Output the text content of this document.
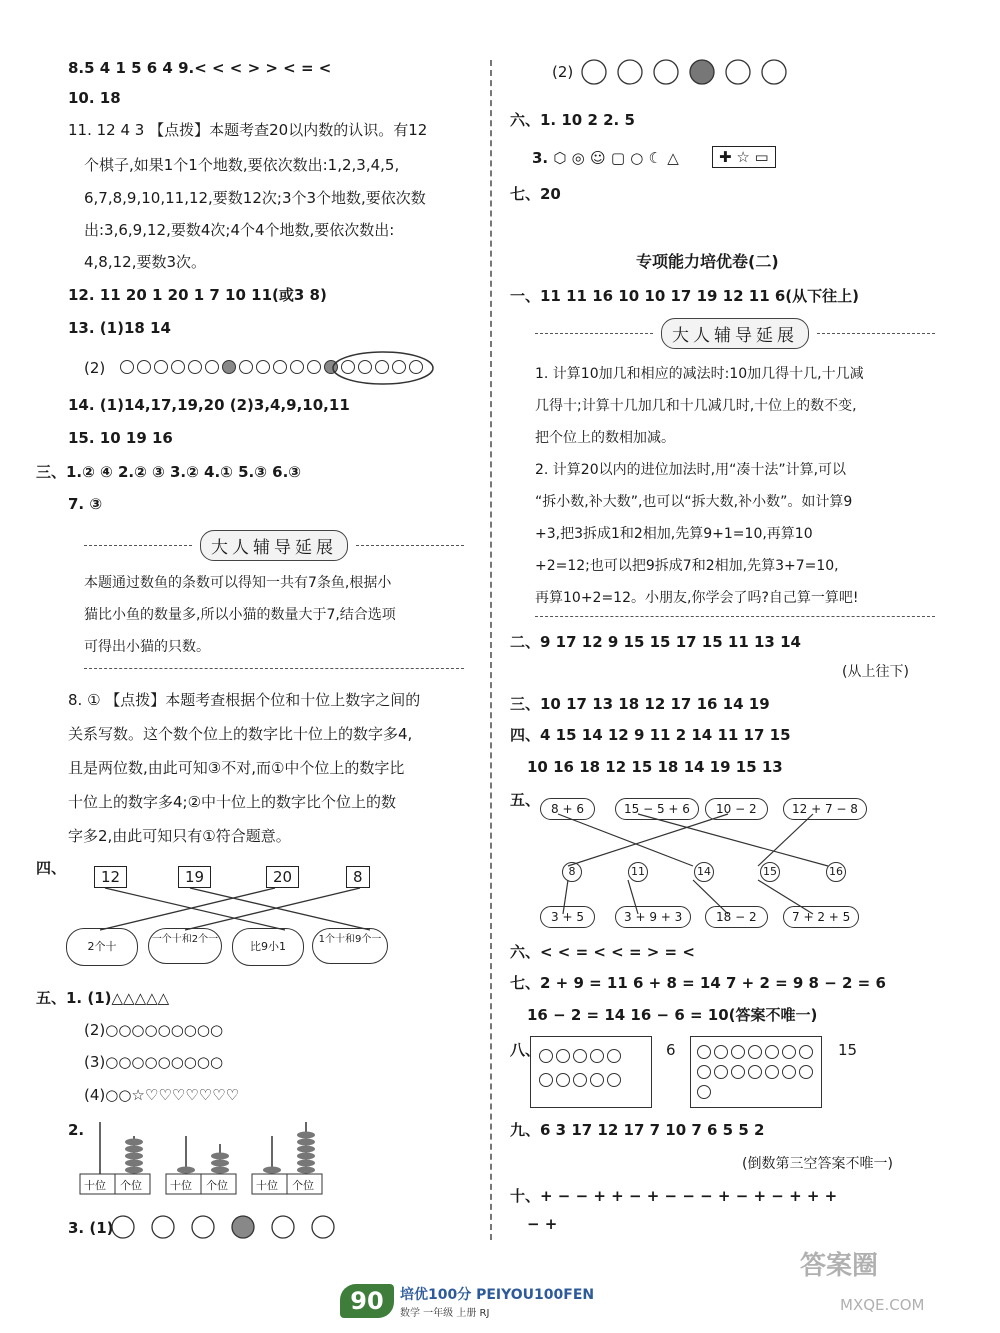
8.5 4 1 5 6 4 9.< < < > > < = <
10. 18
11. 12 4 3 【点拨】本题考查20以内数的认识。有12
个棋子,如果1个1个地数,要依次数出:1,2,3,4,5,
6,7,8,9,10,11,12,要数12次;3个3个地数,要依次数
出:3,6,9,12,要数4次;4个4个地数,要依次数出:
4,8,12,要数3次。
12. 11 20 1 20 1 7 10 11(或3 8)
13. (1)18 14
(2)
14. (1)14,17,19,20 (2)3,4,9,10,11
15. 10 19 16
三、1.② ④ 2.② ③ 3.② 4.① 5.③ 6.③
7. ③
大人辅导延展
本题通过数鱼的条数可以得知一共有7条鱼,根据小
猫比小鱼的数量多,所以小猫的数量大于7,结合选项
可得出小猫的只数。
8. ① 【点拨】本题考查根据个位和十位上数字之间的
关系写数。这个数个位上的数字比十位上的数字多4,
且是两位数,由此可知③不对,而①中个位上的数字比
十位上的数字多4;②中十位上的数字比个位上的数
字多2,由此可知只有①符合题意。
四、	12	19	20	8
2个十
一个十和2个一
比9小1
1个十和9个一
五、1. (1)△△△△△
(2)○○○○○○○○○
(3)○○○○○○○○○
(4)○○☆♡♡♡♡♡♡♡
2.
十位 个位	十位 个位	十位 个位
3. (1)
(2)
六、1. 10 2 2. 5
3. ⬡ ◎ ☺ ▢ ○ ☾ △	✚ ☆ ▭
七、20
专项能力培优卷(二)
一、11 11 16 10 10 17 19 12 11 6(从下往上)
大人辅导延展
1. 计算10加几和相应的减法时:10加几得十几,十几减
几得十;计算十几加几和十几减几时,十位上的数不变,
把个位上的数相加减。
2. 计算20以内的进位加法时,用“凑十法”计算,可以
“拆小数,补大数”,也可以“拆大数,补小数”。如计算9
+3,把3拆成1和2相加,先算9+1=10,再算10
+2=12;也可以把9拆成7和2相加,先算3+7=10,
再算10+2=12。小朋友,你学会了吗?自己算一算吧!
二、9 17 12 9 15 15 17 15 11 13 14
(从上往下)
三、10 17 13 18 12 17 16 14 19
四、4 15 14 12 9 11 2 14 11 17 15
10 16 18 12 15 18 14 19 15 13
五、 8 + 6	15 − 5 + 6	10 − 2	12 + 7 − 8
8	11	14	15	16
3 + 5	3 + 9 + 3	18 − 2	7 + 2 + 5
六、< < = < < = > = <
七、2 + 9 = 11 6 + 8 = 14 7 + 2 = 9 8 − 2 = 6
16 − 2 = 14 16 − 6 = 10(答案不唯一)
八、	6	15
九、6 3 17 12 17 7 10 7 6 5 5 2
(倒数第三空答案不唯一)
十、+ − − + + − + − − − + − + − + + +
− +
90	培优100分 PEIYOU100FEN
数学 一年级 上册 RJ
答案圈
MXQE.COM
